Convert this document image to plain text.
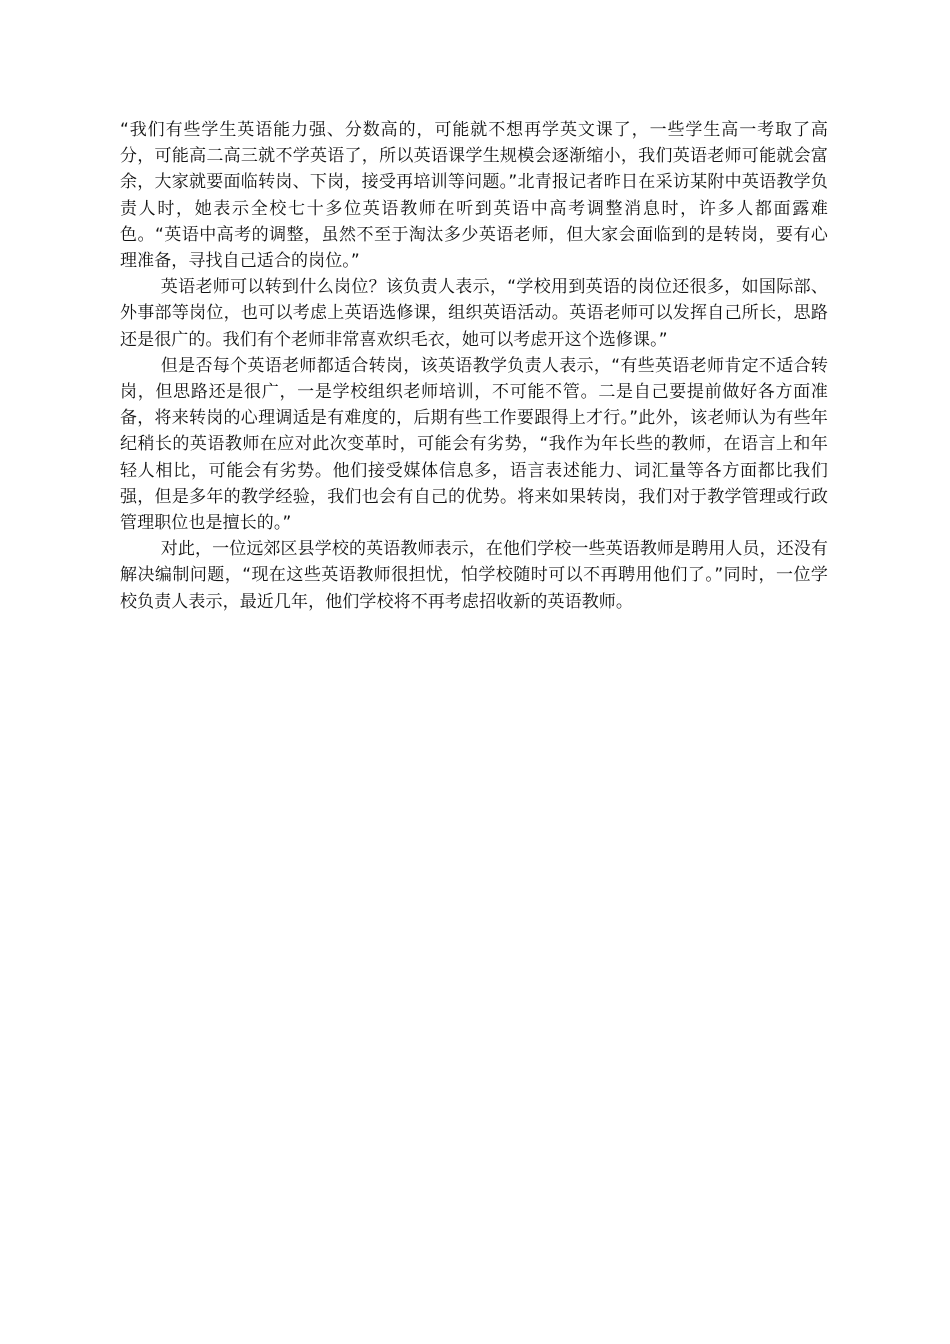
“我们有些学生英语能力强、分数高的，可能就不想再学英文课了，一些学生高一考取了高分，可能高二高三就不学英语了，所以英语课学生规模会逐渐缩小，我们英语老师可能就会富余，大家就要面临转岗、下岗，接受再培训等问题。”北青报记者昨日在采访某附中英语教学负责人时，她表示全校七十多位英语教师在听到英语中高考调整消息时，许多人都面露难色。“英语中高考的调整，虽然不至于淘汰多少英语老师，但大家会面临到的是转岗，要有心理准备，寻找自己适合的岗位。”

英语老师可以转到什么岗位？该负责人表示，“学校用到英语的岗位还很多，如国际部、外事部等岗位，也可以考虑上英语选修课，组织英语活动。英语老师可以发挥自己所长，思路还是很广的。我们有个老师非常喜欢织毛衣，她可以考虑开这个选修课。”

但是否每个英语老师都适合转岗，该英语教学负责人表示，“有些英语老师肯定不适合转岗，但思路还是很广，一是学校组织老师培训，不可能不管。二是自己要提前做好各方面准备，将来转岗的心理调适是有难度的，后期有些工作要跟得上才行。”此外，该老师认为有些年纪稍长的英语教师在应对此次变革时，可能会有劣势，“我作为年长些的教师，在语言上和年轻人相比，可能会有劣势。他们接受媒体信息多，语言表述能力、词汇量等各方面都比我们强，但是多年的教学经验，我们也会有自己的优势。将来如果转岗，我们对于教学管理或行政管理职位也是擅长的。”

对此，一位远郊区县学校的英语教师表示，在他们学校一些英语教师是聘用人员，还没有解决编制问题，“现在这些英语教师很担忧，怕学校随时可以不再聘用他们了。”同时，一位学校负责人表示，最近几年，他们学校将不再考虑招收新的英语教师。
